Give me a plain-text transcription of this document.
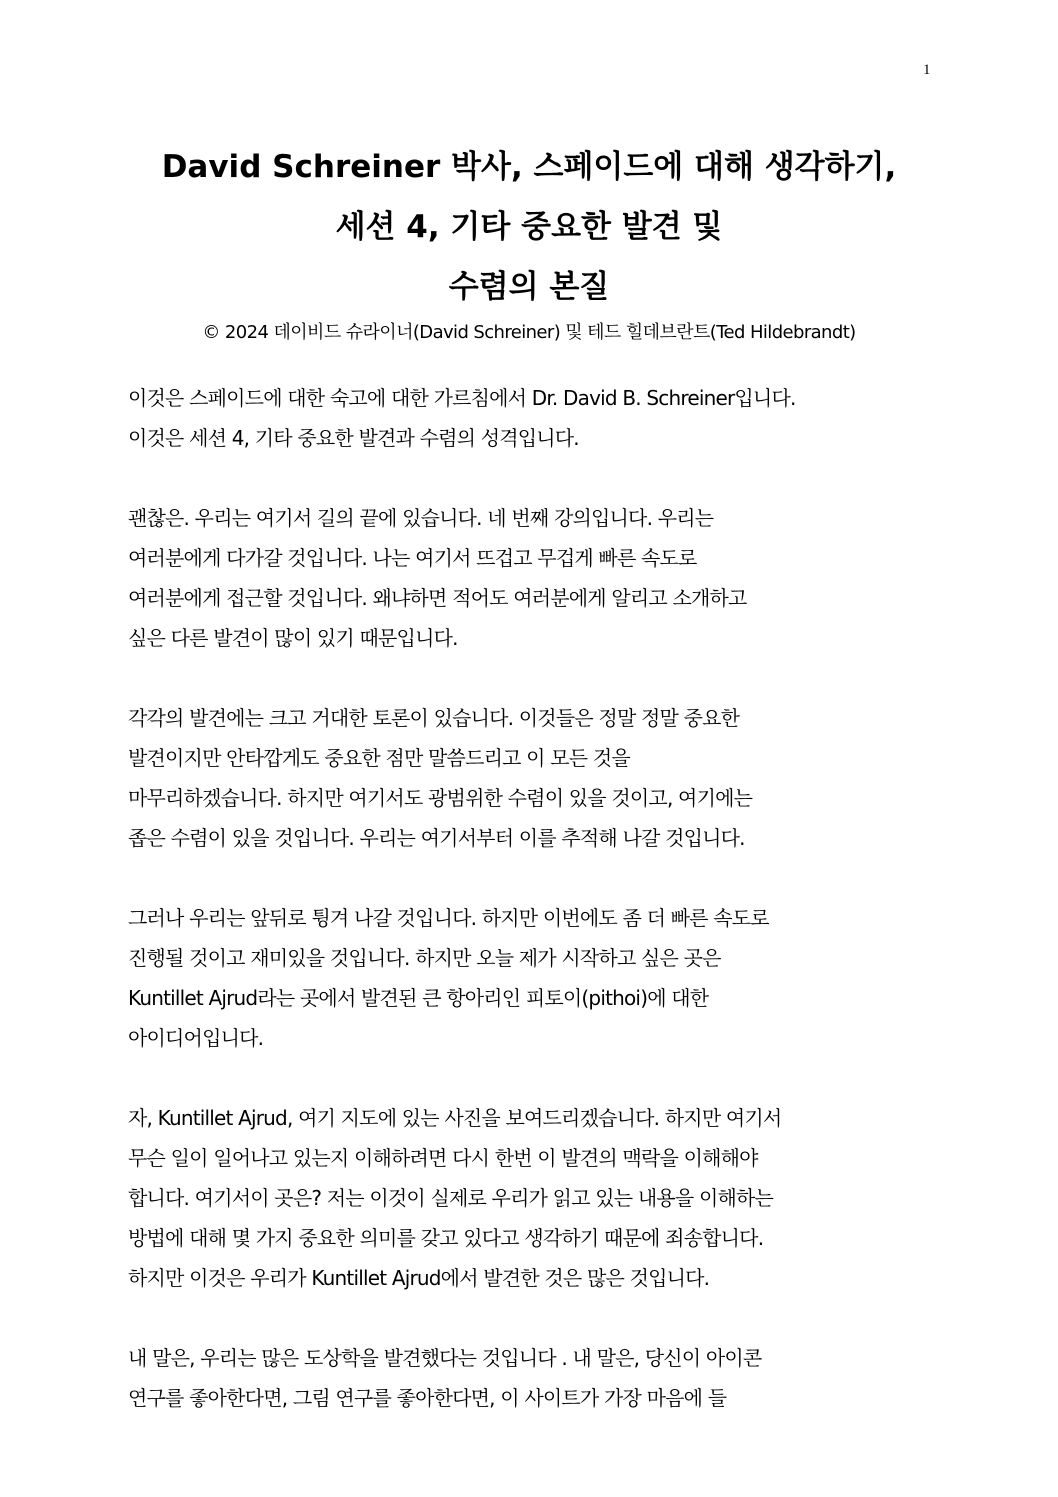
1
David Schreiner 박사, 스페이드에 대해 생각하기,
세션 4, 기타 중요한 발견 및
수렴의 본질
© 2024 데이비드 슈라이너(David Schreiner) 및 테드 힐데브란트(Ted Hildebrandt)
이것은 스페이드에 대한 숙고에 대한 가르침에서 Dr. David B. Schreiner입니다.
이것은 세션 4, 기타 중요한 발견과 수렴의 성격입니다.
괜찮은. 우리는 여기서 길의 끝에 있습니다. 네 번째 강의입니다. 우리는
여러분에게 다가갈 것입니다. 나는 여기서 뜨겁고 무겁게 빠른 속도로
여러분에게 접근할 것입니다. 왜냐하면 적어도 여러분에게 알리고 소개하고
싶은 다른 발견이 많이 있기 때문입니다.
각각의 발견에는 크고 거대한 토론이 있습니다. 이것들은 정말 정말 중요한
발견이지만 안타깝게도 중요한 점만 말씀드리고 이 모든 것을
마무리하겠습니다. 하지만 여기서도 광범위한 수렴이 있을 것이고, 여기에는
좁은 수렴이 있을 것입니다. 우리는 여기서부터 이를 추적해 나갈 것입니다.
그러나 우리는 앞뒤로 튕겨 나갈 것입니다. 하지만 이번에도 좀 더 빠른 속도로
진행될 것이고 재미있을 것입니다. 하지만 오늘 제가 시작하고 싶은 곳은
Kuntillet Ajrud라는 곳에서 발견된 큰 항아리인 피토이(pithoi)에 대한
아이디어입니다.
자, Kuntillet Ajrud, 여기 지도에 있는 사진을 보여드리겠습니다. 하지만 여기서
무슨 일이 일어나고 있는지 이해하려면 다시 한번 이 발견의 맥락을 이해해야
합니다. 여기서이 곳은? 저는 이것이 실제로 우리가 읽고 있는 내용을 이해하는
방법에 대해 몇 가지 중요한 의미를 갖고 있다고 생각하기 때문에 죄송합니다.
하지만 이것은 우리가 Kuntillet Ajrud에서 발견한 것은 많은 것입니다.
내 말은, 우리는 많은 도상학을 발견했다는 것입니다 . 내 말은, 당신이 아이콘
연구를 좋아한다면, 그림 연구를 좋아한다면, 이 사이트가 가장 마음에 들
